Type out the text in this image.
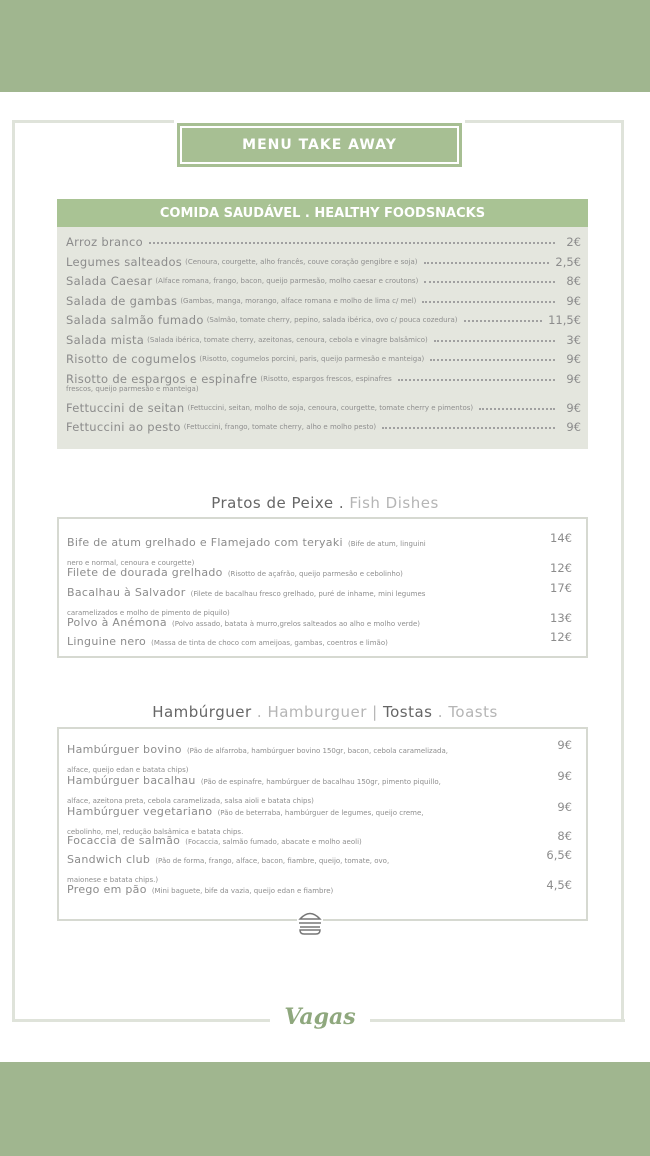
MENU TAKE AWAY
COMIDA SAUDÁVEL . HEALTHY FOODSNACKS
Arroz branco	2€
Legumes salteados (Cenoura, courgette, alho francês, couve coração gengibre e soja)	2,5€
Salada Caesar (Alface romana, frango, bacon, queijo parmesão, molho caesar e croutons)	8€
Salada de gambas (Gambas, manga, morango, alface romana e molho de lima c/ mel)	9€
Salada salmão fumado (Salmão, tomate cherry, pepino, salada ibérica, ovo c/ pouca cozedura)	11,5€
Salada mista (Salada ibérica, tomate cherry, azeitonas, cenoura, cebola e vinagre balsâmico)	3€
Risotto de cogumelos (Risotto, cogumelos porcini, paris, queijo parmesão e manteiga)	9€
Risotto de espargos e espinafre (Risotto, espargos frescos, espinafres	9€
frescos, queijo parmesão e manteiga)
Fettuccini de seitan (Fettuccini, seitan, molho de soja, cenoura, courgette, tomate cherry e pimentos)	9€
Fettuccini ao pesto (Fettuccini, frango, tomate cherry, alho e molho pesto)	9€
Pratos de Peixe . Fish Dishes
Bife de atum grelhado e Flamejado com teryaki (Bife de atum, linguini	14€

nero e normal, cenoura e courgette)
Filete de dourada grelhado (Risotto de açafrão, queijo parmesão e cebolinho)	12€
Bacalhau à Salvador (Filete de bacalhau fresco grelhado, puré de inhame, mini legumes	17€

caramelizados e molho de pimento de piquilo)
Polvo à Anémona (Polvo assado, batata à murro,grelos salteados ao alho e molho verde)	13€
Linguine nero (Massa de tinta de choco com ameijoas, gambas, coentros e limão)	12€
Hambúrguer . Hamburguer | Tostas . Toasts
Hambúrguer bovino (Pão de alfarroba, hambúrguer bovino 150gr, bacon, cebola caramelizada,	9€

alface, queijo edan e batata chips)
Hambúrguer bacalhau (Pão de espinafre, hambúrguer de bacalhau 150gr, pimento piquillo,	9€

alface, azeitona preta, cebola caramelizada, salsa aioli e batata chips)
Hambúrguer vegetariano (Pão de beterraba, hambúrguer de legumes, queijo creme,	9€

cebolinho, mel, redução balsâmica e batata chips.
Focaccia de salmão (Focaccia, salmão fumado, abacate e molho aeoli)	8€
Sandwich club (Pão de forma, frango, alface, bacon, fiambre, queijo, tomate, ovo,	6,5€

maionese e batata chips.)
Prego em pão (Mini baguete, bife da vazia, queijo edan e fiambre)	4,5€
Vagas
